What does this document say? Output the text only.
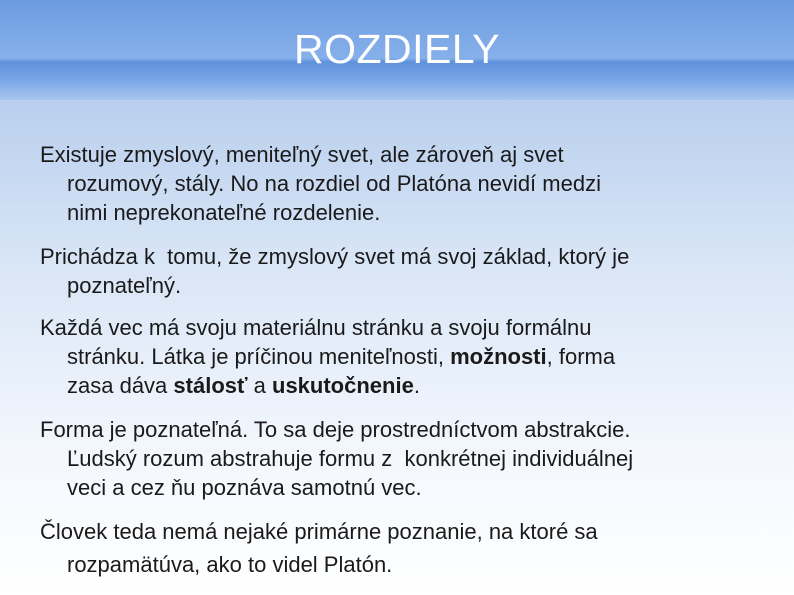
ROZDIELY
Existuje zmyslový, meniteľný svet, ale zároveň aj svet
rozumový, stály. No na rozdiel od Platóna nevidí medzi
nimi neprekonateľné rozdelenie.
Prichádza k  tomu, že zmyslový svet má svoj základ, ktorý je
poznateľný.
Každá vec má svoju materiálnu stránku a svoju formálnu
stránku. Látka je príčinou meniteľnosti, možnosti, forma
zasa dáva stálosť a uskutočnenie.
Forma je poznateľná. To sa deje prostredníctvom abstrakcie.
Ľudský rozum abstrahuje formu z  konkrétnej individuálnej
veci a cez ňu poznáva samotnú vec.
Človek teda nemá nejaké primárne poznanie, na ktoré sa
rozpamätúva, ako to videl Platón.
